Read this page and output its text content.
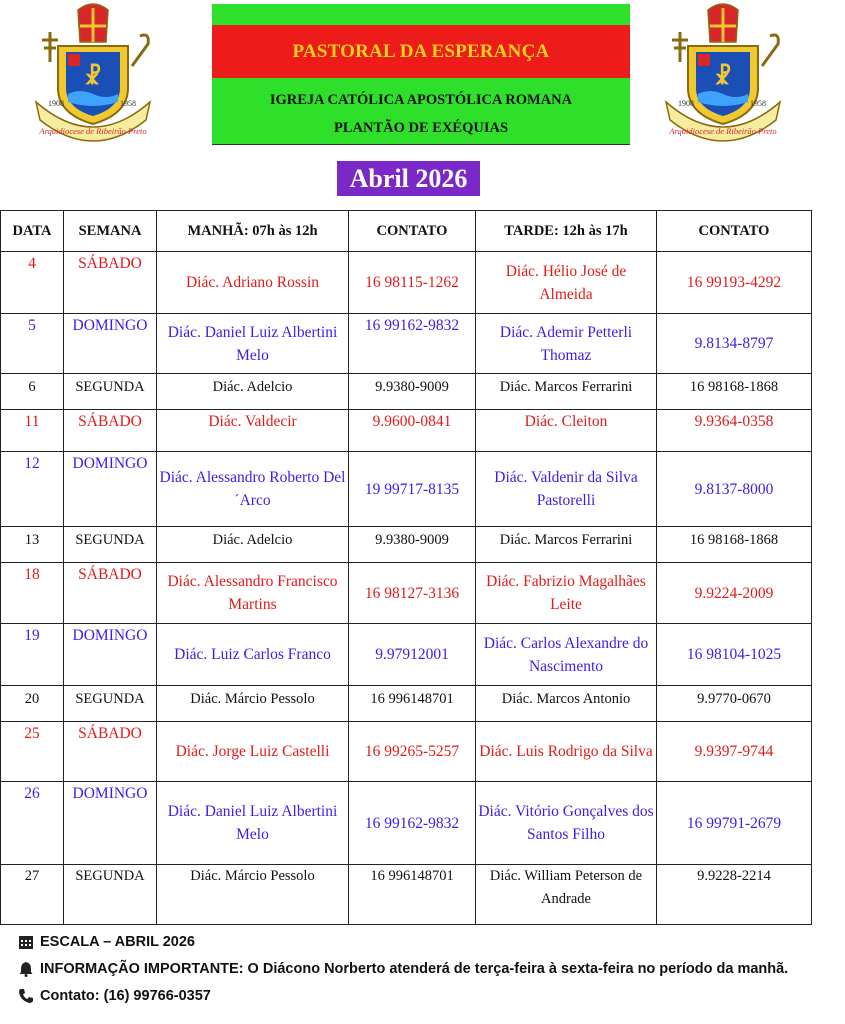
☧
1908	1958
Arquidiocese de Ribeirão Preto
☧
1908	1958
Arquidiocese de Ribeirão Preto
PASTORAL DA ESPERANÇA
IGREJA CATÓLICA APOSTÓLICA ROMANA
PLANTÃO DE EXÉQUIAS
Abril 2026
DATA	SEMANA	MANHÃ: 07h às 12h	CONTATO	TARDE: 12h às 17h	CONTATO
4	SÁBADO	Diác. Adriano Rossin	16 98115-1262	Diác. Hélio José de Almeida	16 99193-4292
5	DOMINGO	Diác. Daniel Luiz Albertini Melo	16 99162-9832	Diác. Ademir Petterli Thomaz	9.8134-8797
6	SEGUNDA	Diác. Adelcio	9.9380-9009	Diác. Marcos Ferrarini	16 98168-1868
11	SÁBADO	Diác. Valdecir	9.9600-0841	Diác. Cleiton	9.9364-0358
12	DOMINGO	Diác. Alessandro Roberto Del´Arco	19 99717-8135	Diác. Valdenir da Silva Pastorelli	9.8137-8000
13	SEGUNDA	Diác. Adelcio	9.9380-9009	Diác. Marcos Ferrarini	16 98168-1868
18	SÁBADO	Diác. Alessandro Francisco Martins	16 98127-3136	Diác. Fabrizio Magalhães Leite	9.9224-2009
19	DOMINGO	Diác. Luiz Carlos Franco	9.97912001	Diác. Carlos Alexandre do Nascimento	16 98104-1025
20	SEGUNDA	Diác. Márcio Pessolo	16 996148701	Diác. Marcos Antonio	9.9770-0670
25	SÁBADO	Diác. Jorge Luiz Castelli	16 99265-5257	Diác. Luis Rodrigo da Silva	9.9397-9744
26	DOMINGO	Diác. Daniel Luiz Albertini Melo	16 99162-9832	Diác. Vitório Gonçalves dos Santos Filho	16 99791-2679
27	SEGUNDA	Diác. Márcio Pessolo	16 996148701	Diác. William Peterson de Andrade	9.9228-2214
ESCALA – ABRIL 2026
INFORMAÇÃO IMPORTANTE: O Diácono Norberto atenderá de terça-feira à sexta-feira no período da manhã.
Contato: (16) 99766-0357
